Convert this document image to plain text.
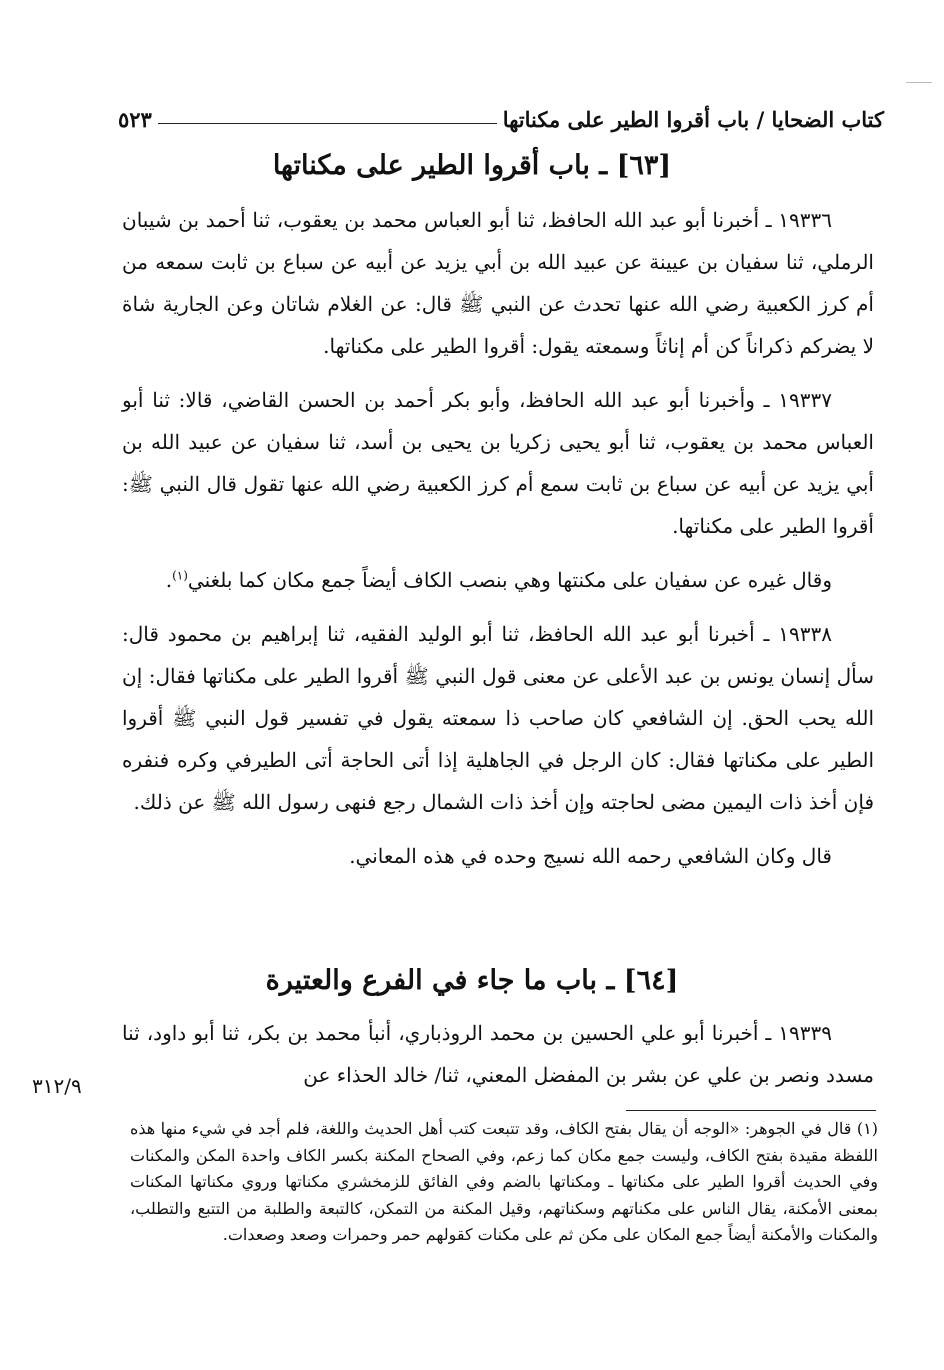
كتاب الضحايا / باب أقروا الطير على مكناتها
٥٢٣
[٦٣] ـ باب أقروا الطير على مكناتها

١٩٣٣٦ ـ أخبرنا أبو عبد الله الحافظ، ثنا أبو العباس محمد بن يعقوب، ثنا أحمد بن شيبان الرملي، ثنا سفيان بن عيينة عن عبيد الله بن أبي يزيد عن أبيه عن سباع بن ثابت سمعه من أم كرز الكعبية رضي الله عنها تحدث عن النبي ﷺ قال: عن الغلام شاتان وعن الجارية شاة لا يضركم ذكراناً كن أم إناثاً وسمعته يقول: أقروا الطير على مكناتها.

١٩٣٣٧ ـ وأخبرنا أبو عبد الله الحافظ، وأبو بكر أحمد بن الحسن القاضي، قالا: ثنا أبو العباس محمد بن يعقوب، ثنا أبو يحيى زكريا بن يحيى بن أسد، ثنا سفيان عن عبيد الله بن أبي يزيد عن أبيه عن سباع بن ثابت سمع أم كرز الكعبية رضي الله عنها تقول قال النبي ﷺ: أقروا الطير على مكناتها.

وقال غيره عن سفيان على مكنتها وهي بنصب الكاف أيضاً جمع مكان كما بلغني$^{(١)}$.

١٩٣٣٨ ـ أخبرنا أبو عبد الله الحافظ، ثنا أبو الوليد الفقيه، ثنا إبراهيم بن محمود قال: سأل إنسان يونس بن عبد الأعلى عن معنى قول النبي ﷺ أقروا الطير على مكناتها فقال: إن الله يحب الحق. إن الشافعي كان صاحب ذا سمعته يقول في تفسير قول النبي ﷺ أقروا الطير على مكناتها فقال: كان الرجل في الجاهلية إذا أتى الحاجة أتى الطيرفي وكره فنفره فإن أخذ ذات اليمين مضى لحاجته وإن أخذ ذات الشمال رجع فنهى رسول الله ﷺ عن ذلك.

قال وكان الشافعي رحمه الله نسيج وحده في هذه المعاني.

[٦٤] ـ باب ما جاء في الفرع والعتيرة

١٩٣٣٩ ـ أخبرنا أبو علي الحسين بن محمد الروذباري، أنبأ محمد بن بكر، ثنا أبو داود، ثنا مسدد ونصر بن علي عن بشر بن المفضل المعني، ثنا/ خالد الحذاء عن

٣١٢/٩
(١) قال في الجوهر: «الوجه أن يقال بفتح الكاف، وقد تتبعت كتب أهل الحديث واللغة، فلم أجد في شيء منها هذه اللفظة مقيدة بفتح الكاف، وليست جمع مكان كما زعم، وفي الصحاح المكنة بكسر الكاف واحدة المكن والمكنات وفي الحديث أقروا الطير على مكناتها ـ ومكناتها بالضم وفي الفائق للزمخشري مكناتها وروي مكناتها المكنات بمعنى الأمكنة، يقال الناس على مكناتهم وسكناتهم، وقيل المكنة من التمكن، كالتبعة والطلبة من التتبع والتطلب، والمكنات والأمكنة أيضاً جمع المكان على مكن ثم على مكنات كقولهم حمر وحمرات وصعد وصعدات.
